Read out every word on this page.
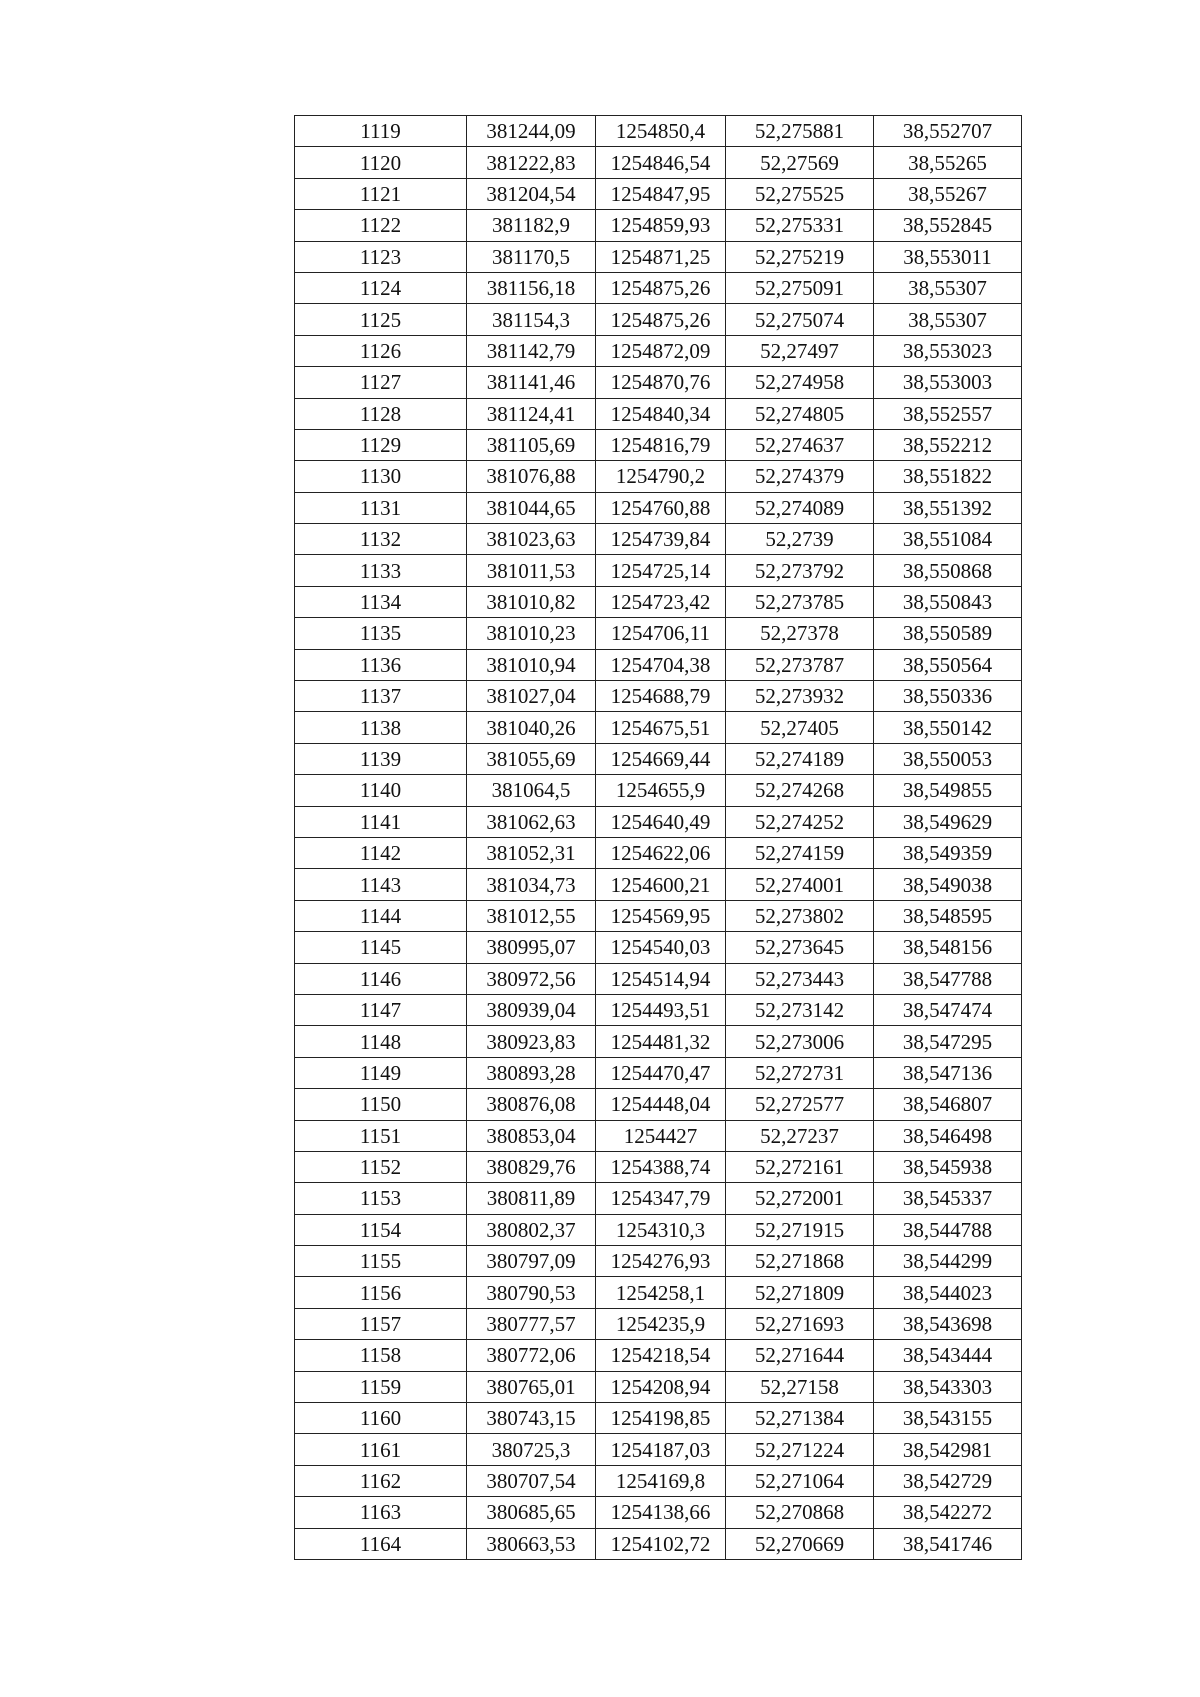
1119	381244,09	1254850,4	52,275881	38,552707
1120	381222,83	1254846,54	52,27569	38,55265
1121	381204,54	1254847,95	52,275525	38,55267
1122	381182,9	1254859,93	52,275331	38,552845
1123	381170,5	1254871,25	52,275219	38,553011
1124	381156,18	1254875,26	52,275091	38,55307
1125	381154,3	1254875,26	52,275074	38,55307
1126	381142,79	1254872,09	52,27497	38,553023
1127	381141,46	1254870,76	52,274958	38,553003
1128	381124,41	1254840,34	52,274805	38,552557
1129	381105,69	1254816,79	52,274637	38,552212
1130	381076,88	1254790,2	52,274379	38,551822
1131	381044,65	1254760,88	52,274089	38,551392
1132	381023,63	1254739,84	52,2739	38,551084
1133	381011,53	1254725,14	52,273792	38,550868
1134	381010,82	1254723,42	52,273785	38,550843
1135	381010,23	1254706,11	52,27378	38,550589
1136	381010,94	1254704,38	52,273787	38,550564
1137	381027,04	1254688,79	52,273932	38,550336
1138	381040,26	1254675,51	52,27405	38,550142
1139	381055,69	1254669,44	52,274189	38,550053
1140	381064,5	1254655,9	52,274268	38,549855
1141	381062,63	1254640,49	52,274252	38,549629
1142	381052,31	1254622,06	52,274159	38,549359
1143	381034,73	1254600,21	52,274001	38,549038
1144	381012,55	1254569,95	52,273802	38,548595
1145	380995,07	1254540,03	52,273645	38,548156
1146	380972,56	1254514,94	52,273443	38,547788
1147	380939,04	1254493,51	52,273142	38,547474
1148	380923,83	1254481,32	52,273006	38,547295
1149	380893,28	1254470,47	52,272731	38,547136
1150	380876,08	1254448,04	52,272577	38,546807
1151	380853,04	1254427	52,27237	38,546498
1152	380829,76	1254388,74	52,272161	38,545938
1153	380811,89	1254347,79	52,272001	38,545337
1154	380802,37	1254310,3	52,271915	38,544788
1155	380797,09	1254276,93	52,271868	38,544299
1156	380790,53	1254258,1	52,271809	38,544023
1157	380777,57	1254235,9	52,271693	38,543698
1158	380772,06	1254218,54	52,271644	38,543444
1159	380765,01	1254208,94	52,27158	38,543303
1160	380743,15	1254198,85	52,271384	38,543155
1161	380725,3	1254187,03	52,271224	38,542981
1162	380707,54	1254169,8	52,271064	38,542729
1163	380685,65	1254138,66	52,270868	38,542272
1164	380663,53	1254102,72	52,270669	38,541746
